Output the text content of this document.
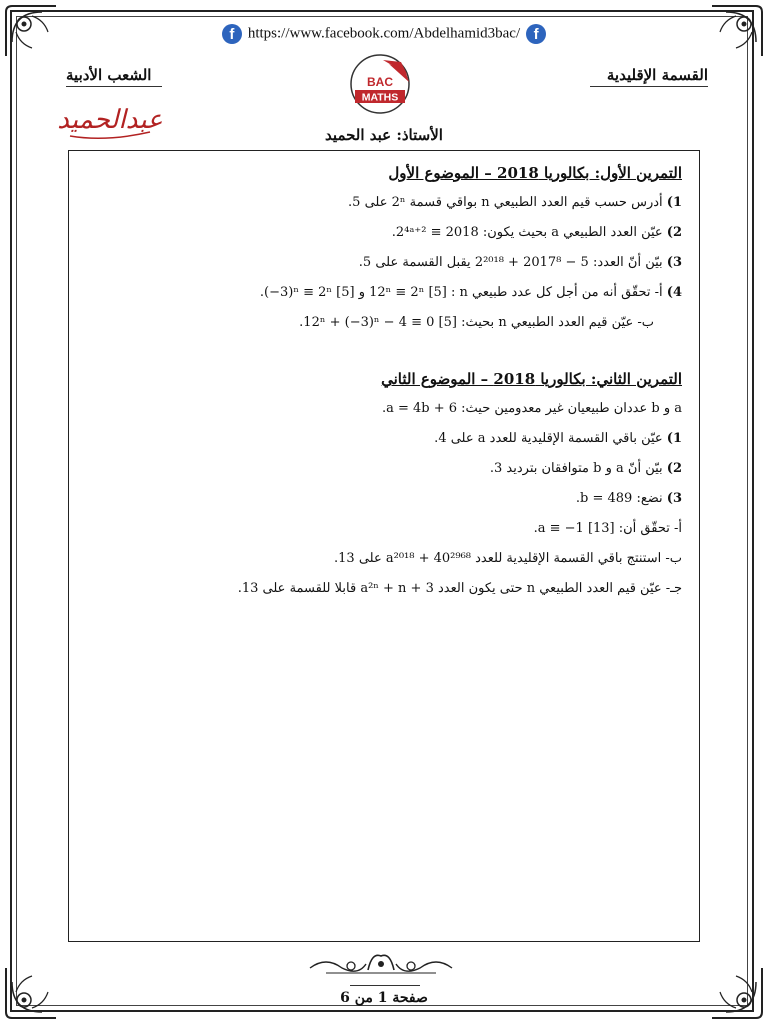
f https://www.facebook.com/Abdelhamid3bac/ f
القسمة الإقليدية
الشعب الأدبية	BAC
MATHS
عبدالحميد	الأستاذ: عبد الحميد
التمرين الأول: بكالوريا 2018 – الموضوع الأول
1) أدرس حسب قيم العدد الطبيعي n بواقي قسمة 2ⁿ على 5.
2) عيّن العدد الطبيعي a بحيث يكون: 2⁴ᵃ⁺² ≡ 2018.
3) بيّن أنّ العدد: 2²⁰¹⁸ + 2017⁸ − 5 يقبل القسمة على 5.
4) أ- تحقّق أنه من أجل كل عدد طبيعي n : 12ⁿ ≡ 2ⁿ [5] و (−3)ⁿ ≡ 2ⁿ [5].
ب- عيّن قيم العدد الطبيعي n بحيث: 12ⁿ + (−3)ⁿ − 4 ≡ 0 [5].
التمرين الثاني: بكالوريا 2018 – الموضوع الثاني
a و b عددان طبيعيان غير معدومين حيث: a = 4b + 6.
1) عيّن باقي القسمة الإقليدية للعدد a على 4.
2) بيّن أنّ a و b متوافقان بترديد 3.
3) نضع: b = 489.
أ- تحقّق أن: a ≡ −1 [13].
ب- استنتج باقي القسمة الإقليدية للعدد a²⁰¹⁸ + 40²⁹⁶⁸ على 13.
جـ- عيّن قيم العدد الطبيعي n حتى يكون العدد a²ⁿ + n + 3 قابلا للقسمة على 13.
صفحة 1 من 6
